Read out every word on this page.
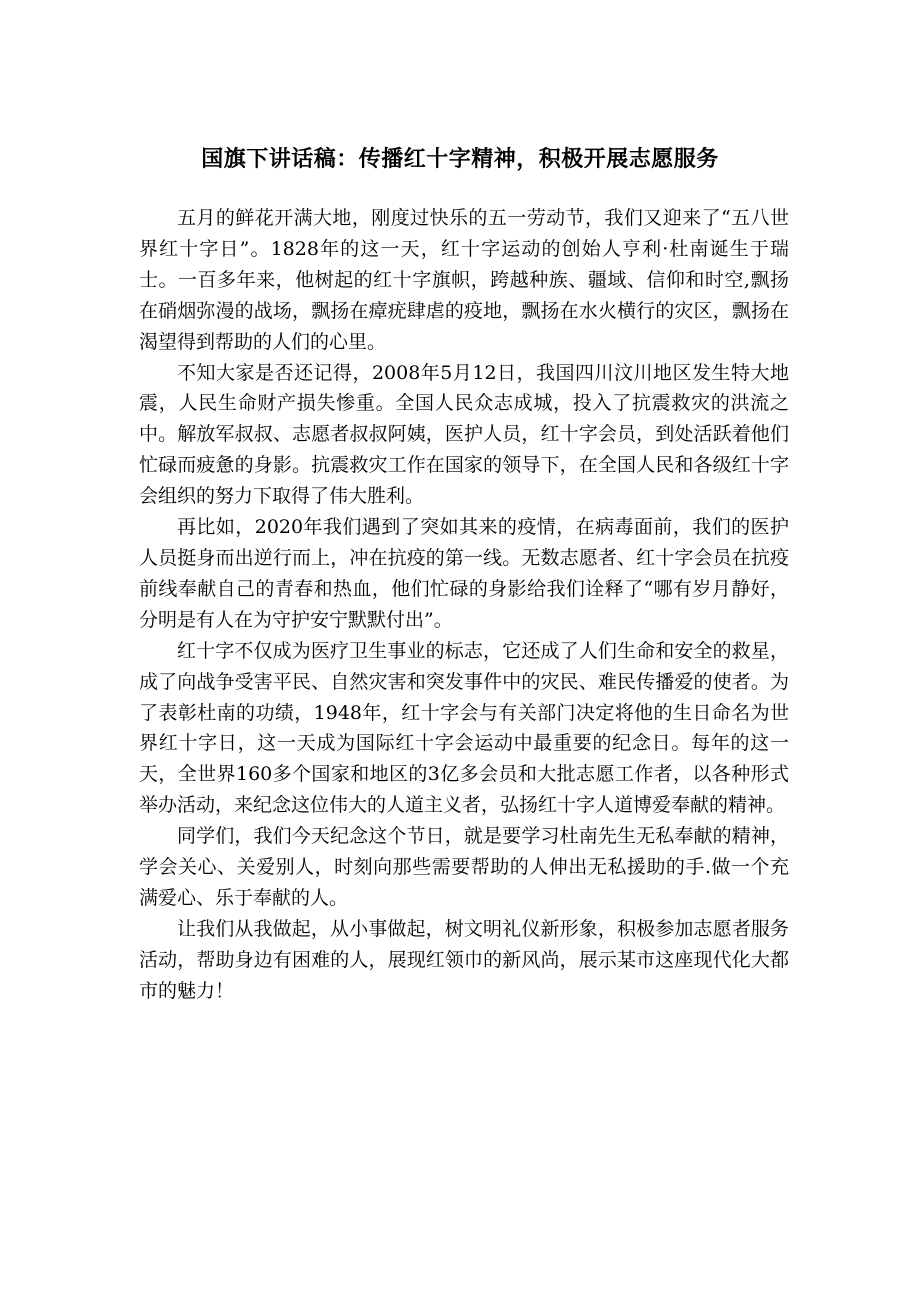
国旗下讲话稿：传播红十字精神，积极开展志愿服务

五月的鲜花开满大地，刚度过快乐的五一劳动节，我们又迎来了“五八世界红十字日”。1828年的这一天，红十字运动的创始人亨利·杜南诞生于瑞士。一百多年来，他树起的红十字旗帜，跨越种族、疆域、信仰和时空,飘扬在硝烟弥漫的战场，飘扬在瘴疣肆虐的疫地，飘扬在水火横行的灾区，飘扬在渴望得到帮助的人们的心里。

不知大家是否还记得，2008年5月12日，我国四川汶川地区发生特大地震，人民生命财产损失惨重。全国人民众志成城，投入了抗震救灾的洪流之中。解放军叔叔、志愿者叔叔阿姨，医护人员，红十字会员，到处活跃着他们忙碌而疲惫的身影。抗震救灾工作在国家的领导下，在全国人民和各级红十字会组织的努力下取得了伟大胜利。

再比如，2020年我们遇到了突如其来的疫情，在病毒面前，我们的医护人员挺身而出逆行而上，冲在抗疫的第一线。无数志愿者、红十字会员在抗疫前线奉献自己的青春和热血，他们忙碌的身影给我们诠释了“哪有岁月静好，分明是有人在为守护安宁默默付出”。

红十字不仅成为医疗卫生事业的标志，它还成了人们生命和安全的救星，成了向战争受害平民、自然灾害和突发事件中的灾民、难民传播爱的使者。为了表彰杜南的功绩，1948年，红十字会与有关部门决定将他的生日命名为世界红十字日，这一天成为国际红十字会运动中最重要的纪念日。每年的这一天，全世界160多个国家和地区的3亿多会员和大批志愿工作者，以各种形式举办活动，来纪念这位伟大的人道主义者，弘扬红十字人道博爱奉献的精神。

同学们，我们今天纪念这个节日，就是要学习杜南先生无私奉献的精神，学会关心、关爱别人，时刻向那些需要帮助的人伸出无私援助的手.做一个充满爱心、乐于奉献的人。

让我们从我做起，从小事做起，树文明礼仪新形象，积极参加志愿者服务活动，帮助身边有困难的人，展现红领巾的新风尚，展示某市这座现代化大都市的魅力！
